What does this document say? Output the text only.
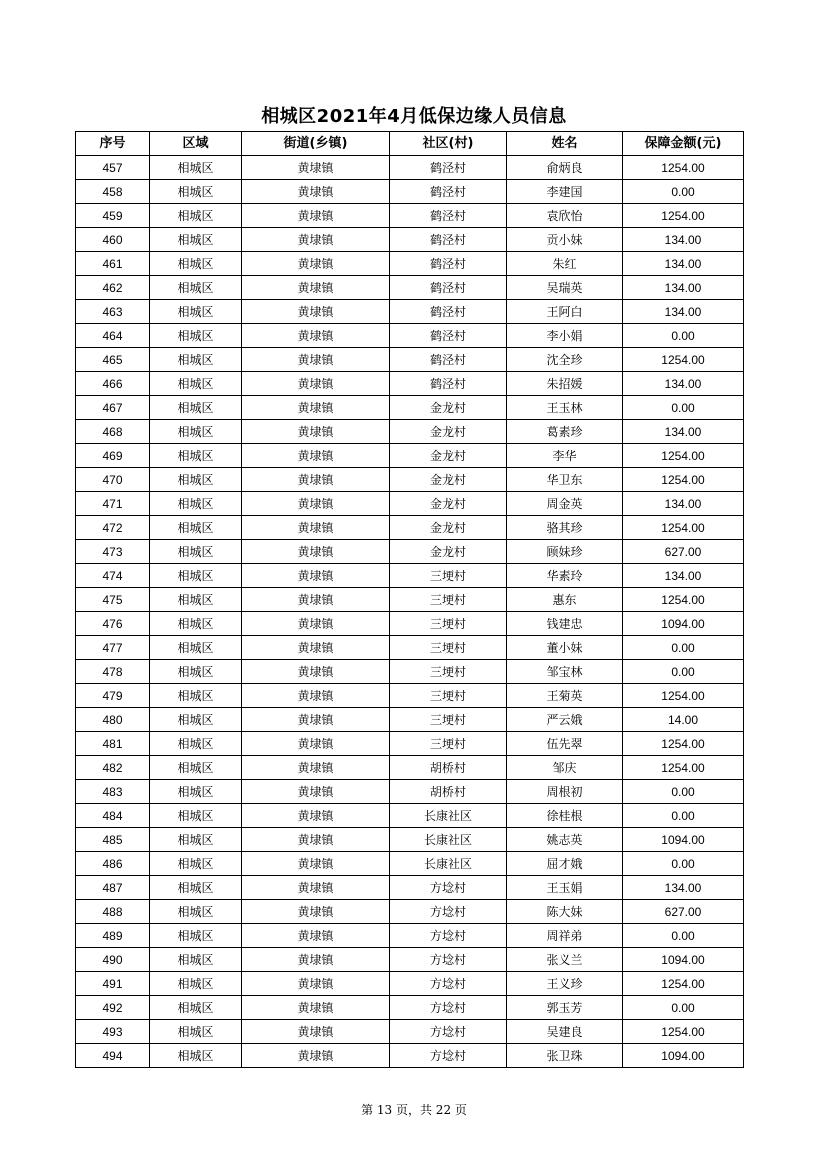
相城区2021年4月低保边缘人员信息
序号	区域	街道(乡镇)	社区(村)	姓名	保障金额(元)
457	相城区	黄埭镇	鹤泾村	俞炳良	1254.00
458	相城区	黄埭镇	鹤泾村	李建国	0.00
459	相城区	黄埭镇	鹤泾村	袁欣怡	1254.00
460	相城区	黄埭镇	鹤泾村	贡小妹	134.00
461	相城区	黄埭镇	鹤泾村	朱红	134.00
462	相城区	黄埭镇	鹤泾村	吴瑞英	134.00
463	相城区	黄埭镇	鹤泾村	王阿白	134.00
464	相城区	黄埭镇	鹤泾村	李小娟	0.00
465	相城区	黄埭镇	鹤泾村	沈全珍	1254.00
466	相城区	黄埭镇	鹤泾村	朱招媛	134.00
467	相城区	黄埭镇	金龙村	王玉林	0.00
468	相城区	黄埭镇	金龙村	葛素珍	134.00
469	相城区	黄埭镇	金龙村	李华	1254.00
470	相城区	黄埭镇	金龙村	华卫东	1254.00
471	相城区	黄埭镇	金龙村	周金英	134.00
472	相城区	黄埭镇	金龙村	骆其珍	1254.00
473	相城区	黄埭镇	金龙村	顾妹珍	627.00
474	相城区	黄埭镇	三埂村	华素玲	134.00
475	相城区	黄埭镇	三埂村	惠东	1254.00
476	相城区	黄埭镇	三埂村	钱建忠	1094.00
477	相城区	黄埭镇	三埂村	董小妹	0.00
478	相城区	黄埭镇	三埂村	邹宝林	0.00
479	相城区	黄埭镇	三埂村	王菊英	1254.00
480	相城区	黄埭镇	三埂村	严云娥	14.00
481	相城区	黄埭镇	三埂村	伍先翠	1254.00
482	相城区	黄埭镇	胡桥村	邹庆	1254.00
483	相城区	黄埭镇	胡桥村	周根初	0.00
484	相城区	黄埭镇	长康社区	徐桂根	0.00
485	相城区	黄埭镇	长康社区	姚志英	1094.00
486	相城区	黄埭镇	长康社区	屈才娥	0.00
487	相城区	黄埭镇	方埝村	王玉娟	134.00
488	相城区	黄埭镇	方埝村	陈大妹	627.00
489	相城区	黄埭镇	方埝村	周祥弟	0.00
490	相城区	黄埭镇	方埝村	张义兰	1094.00
491	相城区	黄埭镇	方埝村	王义珍	1254.00
492	相城区	黄埭镇	方埝村	郭玉芳	0.00
493	相城区	黄埭镇	方埝村	吴建良	1254.00
494	相城区	黄埭镇	方埝村	张卫珠	1094.00
第 13 页，共 22 页
